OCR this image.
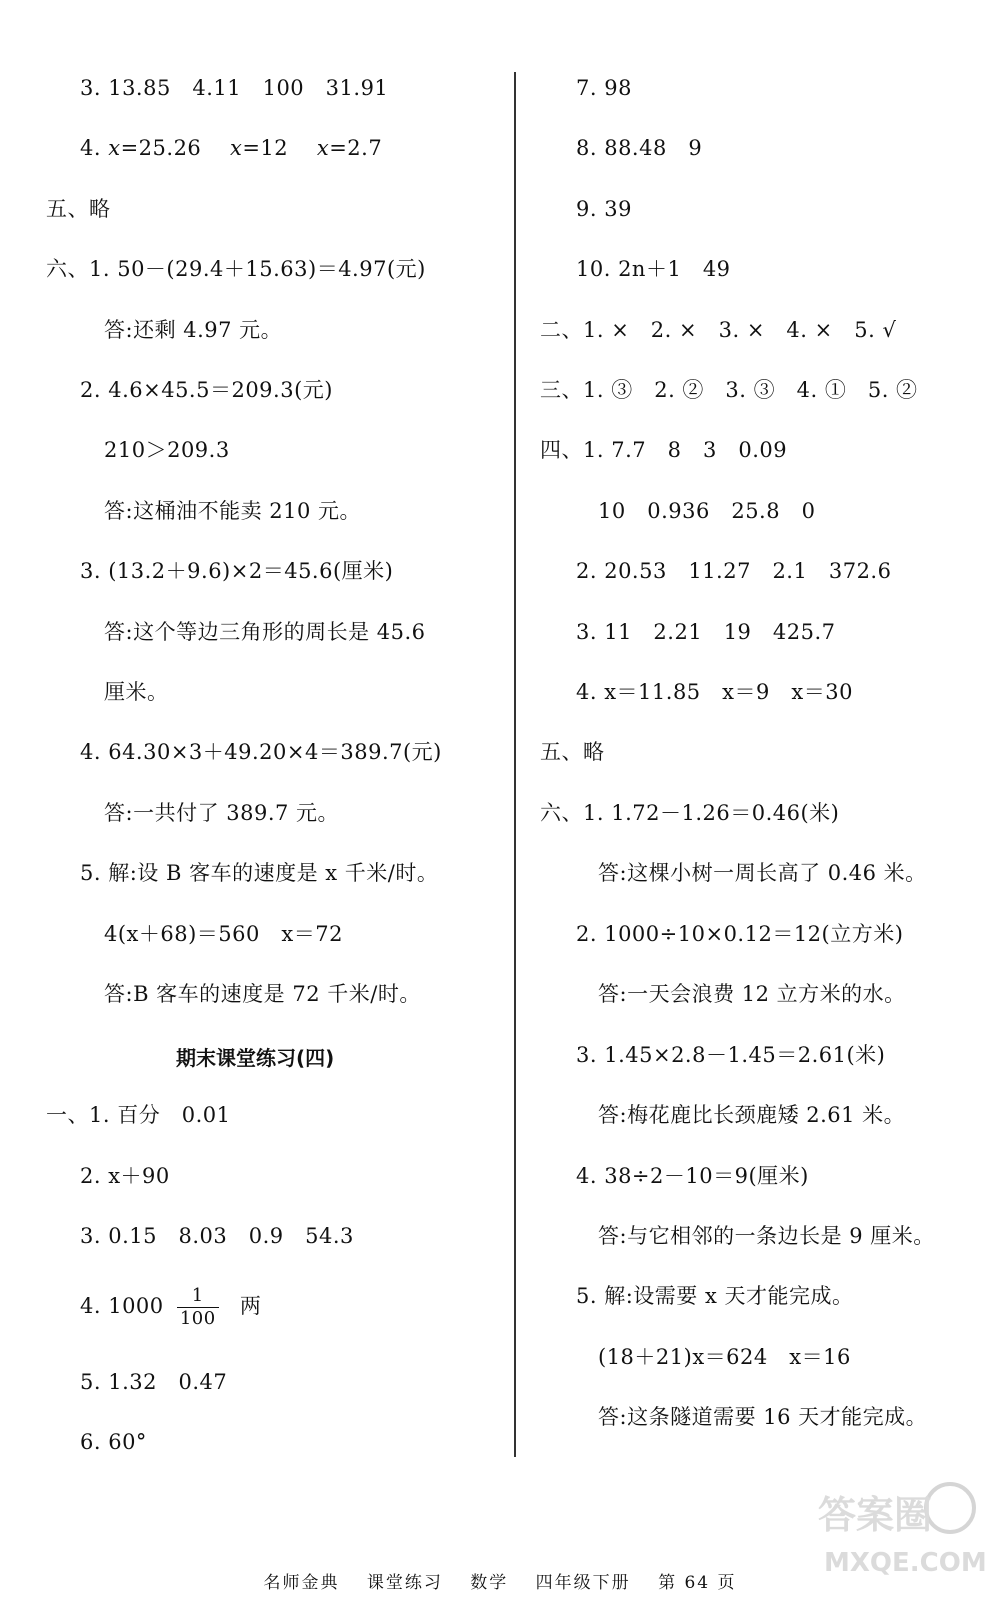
3. 13.85　4.11　100　31.91
4. x=25.26　 x=12　 x=2.7
五、略
六、1. 50－(29.4＋15.63)＝4.97(元)
答:还剩 4.97 元。
2. 4.6×45.5＝209.3(元)
210＞209.3
答:这桶油不能卖 210 元。
3. (13.2＋9.6)×2＝45.6(厘米)
答:这个等边三角形的周长是 45.6
厘米。
4. 64.30×3＋49.20×4＝389.7(元)
答:一共付了 389.7 元。
5. 解:设 B 客车的速度是 x 千米/时。
4(x＋68)＝560　x＝72
答:B 客车的速度是 72 千米/时。
期末课堂练习(四)
一、1. 百分　0.01
2. x＋90
3. 0.15　8.03　0.9　54.3
4. $1000 \frac{1}{100}$ 两
5. 1.32　0.47
6. 60°
7. 98
8. 88.48　9
9. 39
10. 2n＋1　49
二、1. ×　2. ×　3. ×　4. ×　5. √
三、1. ③　2. ②　3. ③　4. ①　5. ②
四、1. 7.7　8　3　0.09
10　0.936　25.8　0
2. 20.53　11.27　2.1　372.6
3. 11　2.21　19　425.7
4. x＝11.85　x＝9　x＝30
五、略
六、1. 1.72－1.26＝0.46(米)
答:这棵小树一周长高了 0.46 米。
2. 1000÷10×0.12＝12(立方米)
答:一天会浪费 12 立方米的水。
3. 1.45×2.8－1.45＝2.61(米)
答:梅花鹿比长颈鹿矮 2.61 米。
4. 38÷2－10＝9(厘米)
答:与它相邻的一条边长是 9 厘米。
5. 解:设需要 x 天才能完成。
(18＋21)x＝624　x＝16
答:这条隧道需要 16 天才能完成。
答案圈
MXQE.COM
名师金典 课堂练习 数学 四年级下册 第 64 页
